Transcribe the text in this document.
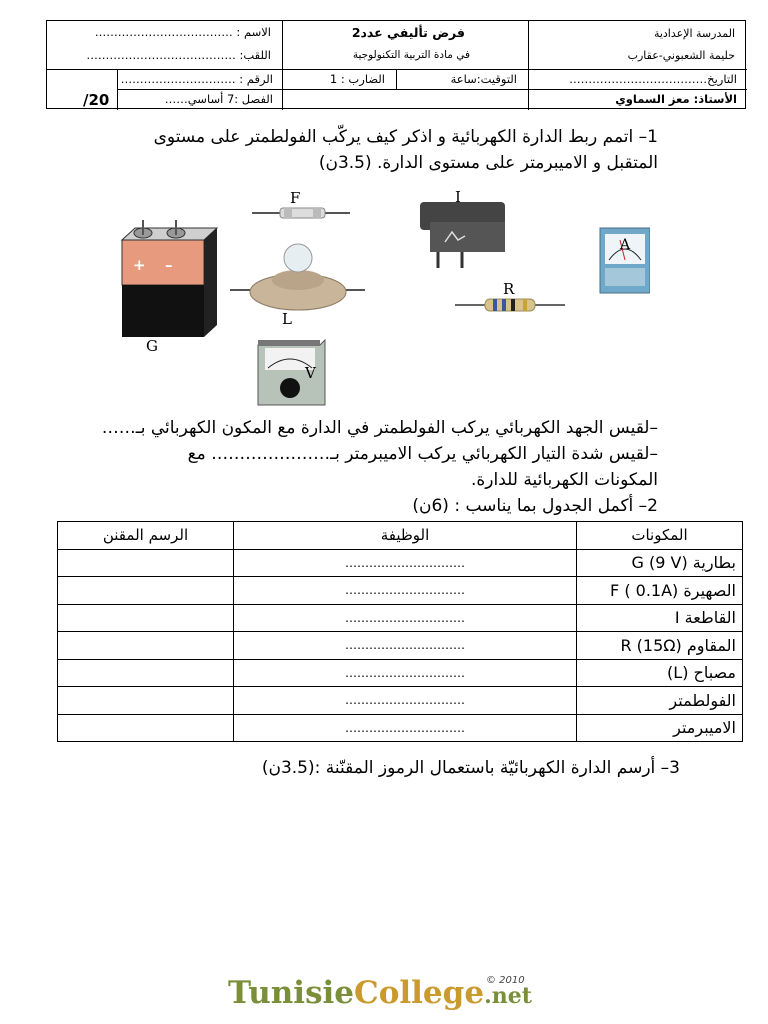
الاسم : ………………………………
اللقب: …………………………………
فرض تأليفي عدد2
في مادة التربية التكنولوجية
المدرسة الإعدادية
حليمة الشعبوني-عقارب
التاريخ………………………………
التوقيت:ساعة
الضارب : 1
الرقم : …………………………
الأستاذ: معز السماوي
الفصل :7 أساسي……
/20
1– اتمم ربط الدارة الكهربائية و اذكر كيف يركّب الفولطمتر على مستوى
المتقبل و الاميبرمتر على مستوى الدارة. (3.5ن)
F	I
A
+ –
R
L
G
V
–لقيس الجهد الكهربائي يركب الفولطمتر في الدارة مع المكون الكهربائي بـ……
–لقيس شدة التيار الكهربائي يركب الاميبرمتر بـ………………… مع
المكونات الكهربائية للدارة.
2– أكمل الجدول بما يناسب : (6ن)
الرسم المقنن	الوظيفة	المكونات
	…………………………	بطارية G (9 V)
	…………………………	الصهيرة F ( 0.1A)
	…………………………	القاطعة I
	…………………………	المقاوم R (15Ω)
	…………………………	مصباح (L)
	…………………………	الفولطمتر
	…………………………	الاميبرمتر
3– أرسم الدارة الكهربائيّة باستعمال الرموز المقنّنة :(3.5ن)
TunisieCollege.net
© 2010
